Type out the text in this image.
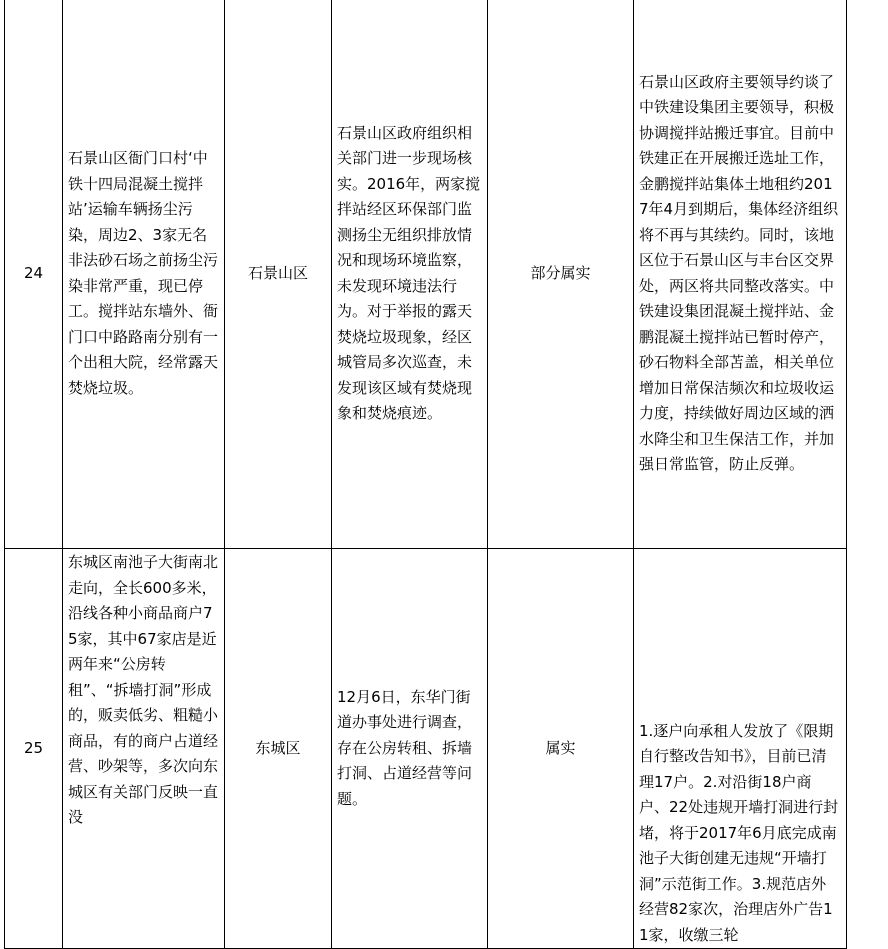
24	石景山区衙门口村‘中铁十四局混凝土搅拌站’运输车辆扬尘污染，周边2、3家无名非法砂石场之前扬尘污染非常严重，现已停工。搅拌站东墙外、衙门口中路路南分别有一个出租大院，经常露天焚烧垃圾。	石景山区	石景山区政府组织相关部门进一步现场核实。2016年，两家搅拌站经区环保部门监测扬尘无组织排放情况和现场环境监察，未发现环境违法行为。对于举报的露天焚烧垃圾现象，经区城管局多次巡查，未发现该区域有焚烧现象和焚烧痕迹。	部分属实	石景山区政府主要领导约谈了中铁建设集团主要领导，积极协调搅拌站搬迁事宜。目前中铁建正在开展搬迁选址工作，金鹏搅拌站集体土地租约2017年4月到期后，集体经济组织将不再与其续约。同时，该地区位于石景山区与丰台区交界处，两区将共同整改落实。中铁建设集团混凝土搅拌站、金鹏混凝土搅拌站已暂时停产，砂石物料全部苫盖，相关单位增加日常保洁频次和垃圾收运力度，持续做好周边区域的洒水降尘和卫生保洁工作，并加强日常监管，防止反弹。
25	东城区南池子大街南北走向，全长600多米，沿线各种小商品商户75家，其中67家店是近两年来“公房转租”、“拆墙打洞”形成的，贩卖低劣、粗糙小商品，有的商户占道经营、吵架等，多次向东城区有关部门反映一直没	东城区	12月6日，东华门街道办事处进行调查，存在公房转租、拆墙打洞、占道经营等问题。	属实	1.逐户向承租人发放了《限期自行整改告知书》，目前已清理17户。2.对沿街18户商户、22处违规开墙打洞进行封堵，将于2017年6月底完成南池子大街创建无违规“开墙打洞”示范街工作。3.规范店外经营82家次，治理店外广告11家，收缴三轮
